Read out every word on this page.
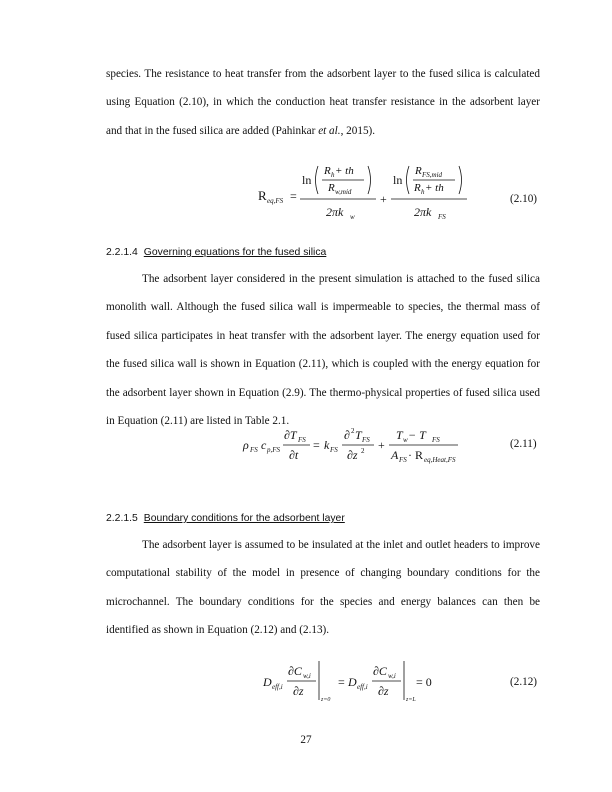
species. The resistance to heat transfer from the adsorbent layer to the fused silica is calculated using Equation (2.10), in which the conduction heat transfer resistance in the adsorbent layer and that in the fused silica are added (Pahinkar et al., 2015).

R eq,FS =
ln
R h + th
R w,mid
2πk w
+
ln
R FS,mid
R h + th
2πk FS
(2.10)
2.2.1.4 Governing equations for the fused silica

The adsorbent layer considered in the present simulation is attached to the fused silica monolith wall. Although the fused silica wall is impermeable to species, the thermal mass of fused silica participates in heat transfer with the adsorbent layer. The energy equation used for the fused silica wall is shown in Equation (2.11), which is coupled with the energy equation for the adsorbent layer shown in Equation (2.9). The thermo-physical properties of fused silica used in Equation (2.11) are listed in Table 2.1.

ρ FS c p,FS
∂T FS
∂t
= k FS
∂ 2 T FS
∂z 2 +
T w − T FS
A FS · R eq,Heat,FS
(2.11)
2.2.1.5 Boundary conditions for the adsorbent layer

The adsorbent layer is assumed to be insulated at the inlet and outlet headers to improve computational stability of the model in presence of changing boundary conditions for the microchannel. The boundary conditions for the species and energy balances can then be identified as shown in Equation (2.12) and (2.13).

D eff,i
∂C w,i
∂z
z=0
= D eff,i
∂C w,i
∂z
z=L
= 0	(2.12)
27
